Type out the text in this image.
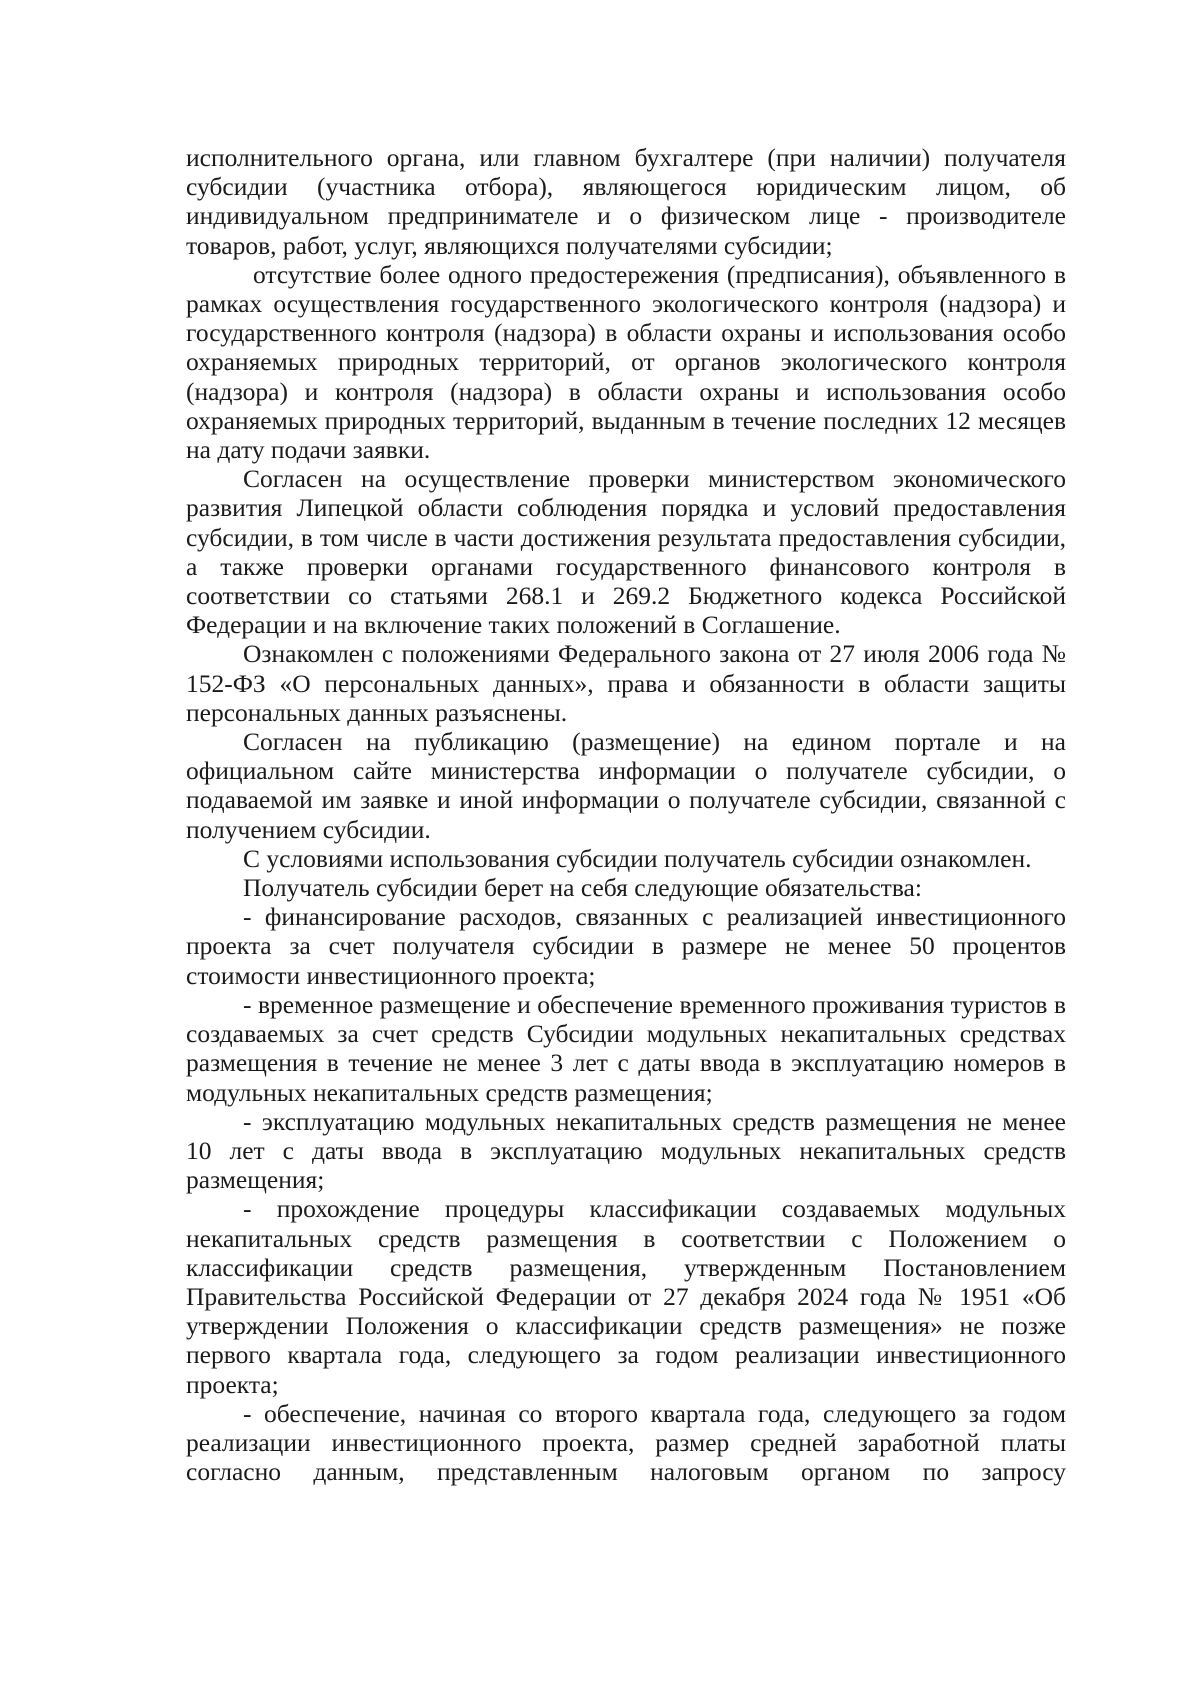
исполнительного органа, или главном бухгалтере (при наличии) получателя субсидии (участника отбора), являющегося юридическим лицом, об индивидуальном предпринимателе и о физическом лице - производителе товаров, работ, услуг, являющихся получателями субсидии;

отсутствие более одного предостережения (предписания), объявленного в рамках осуществления государственного экологического контроля (надзора) и государственного контроля (надзора) в области охраны и использования особо охраняемых природных территорий, от органов экологического контроля (надзора) и контроля (надзора) в области охраны и использования особо охраняемых природных территорий, выданным в течение последних 12 месяцев на дату подачи заявки.

Согласен на осуществление проверки министерством экономического развития Липецкой области соблюдения порядка и условий предоставления субсидии, в том числе в части достижения результата предоставления субсидии, а также проверки органами государственного финансового контроля в соответствии со статьями 268.1 и 269.2 Бюджетного кодекса Российской Федерации и на включение таких положений в Соглашение.

Ознакомлен с положениями Федерального закона от 27 июля 2006 года № 152-ФЗ «О персональных данных», права и обязанности в области защиты персональных данных разъяснены.

Согласен на публикацию (размещение) на едином портале и на официальном сайте министерства информации о получателе субсидии, о подаваемой им заявке и иной информации о получателе субсидии, связанной с получением субсидии.

С условиями использования субсидии получатель субсидии ознакомлен.

Получатель субсидии берет на себя следующие обязательства:

- финансирование расходов, связанных с реализацией инвестиционного проекта за счет получателя субсидии в размере не менее 50 процентов стоимости инвестиционного проекта;

- временное размещение и обеспечение временного проживания туристов в создаваемых за счет средств Субсидии модульных некапитальных средствах размещения в течение не менее 3 лет с даты ввода в эксплуатацию номеров в модульных некапитальных средств размещения;

- эксплуатацию модульных некапитальных средств размещения не менее 10 лет с даты ввода в эксплуатацию модульных некапитальных средств размещения;

- прохождение процедуры классификации создаваемых модульных некапитальных средств размещения в соответствии с Положением о классификации средств размещения, утвержденным Постановлением Правительства Российской Федерации от 27 декабря 2024 года № 1951 «Об утверждении Положения о классификации средств размещения» не позже первого квартала года, следующего за годом реализации инвестиционного проекта;

- обеспечение, начиная со второго квартала года, следующего за годом реализации инвестиционного проекта, размер средней заработной платы согласно данным, представленным налоговым органом по запросу
